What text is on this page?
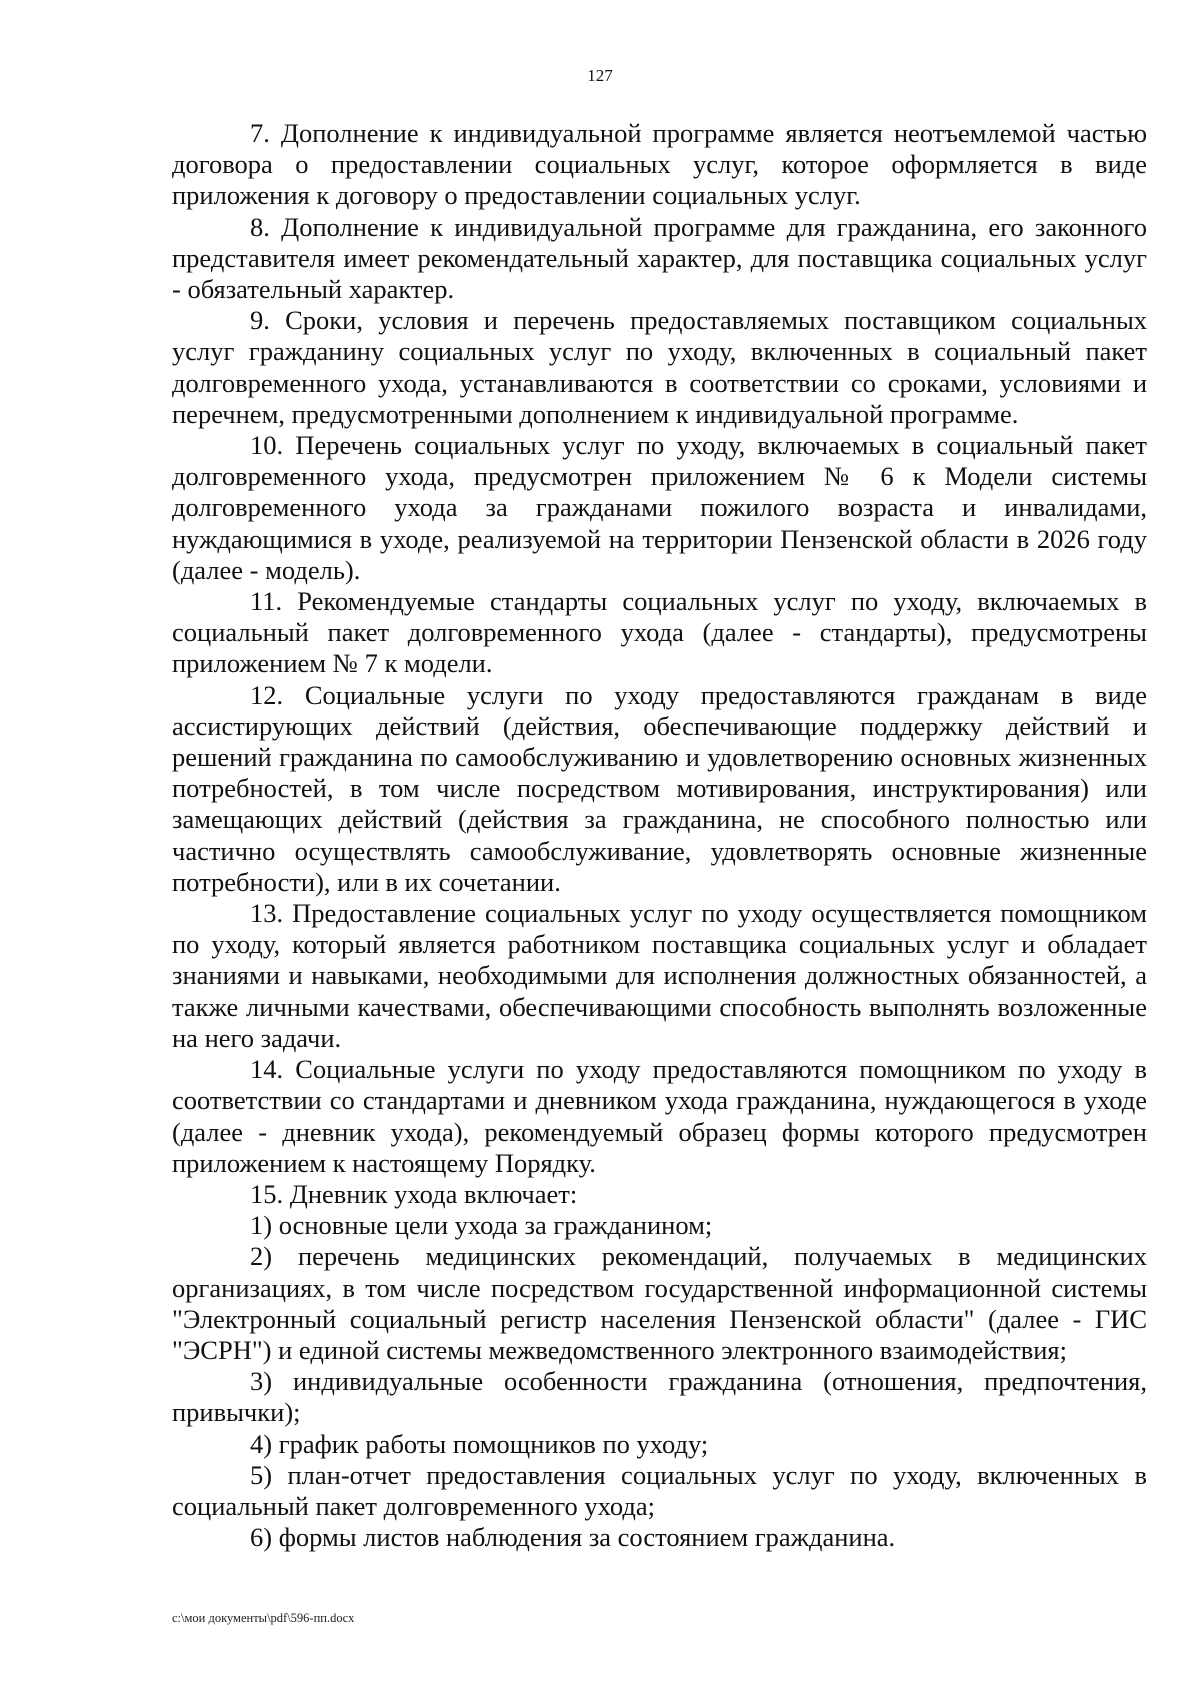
127

7. Дополнение к индивидуальной программе является неотъемлемой частью договора о предоставлении социальных услуг, которое оформляется в виде приложения к договору о предоставлении социальных услуг.

8. Дополнение к индивидуальной программе для гражданина, его законного представителя имеет рекомендательный характер, для поставщика социальных услуг - обязательный характер.

9. Сроки, условия и перечень предоставляемых поставщиком социальных услуг гражданину социальных услуг по уходу, включенных в социальный пакет долговременного ухода, устанавливаются в соответствии со сроками, условиями и перечнем, предусмотренными дополнением к индивидуальной программе.

10. Перечень социальных услуг по уходу, включаемых в социальный пакет долговременного ухода, предусмотрен приложением № 6 к Модели системы долговременного ухода за гражданами пожилого возраста и инвалидами, нуждающимися в уходе, реализуемой на территории Пензенской области в 2026 году (далее - модель).

11. Рекомендуемые стандарты социальных услуг по уходу, включаемых в социальный пакет долговременного ухода (далее - стандарты), предусмотрены приложением № 7 к модели.

12. Социальные услуги по уходу предоставляются гражданам в виде ассистирующих действий (действия, обеспечивающие поддержку действий и решений гражданина по самообслуживанию и удовлетворению основных жизненных потребностей, в том числе посредством мотивирования, инструктирования) или замещающих действий (действия за гражданина, не способного полностью или частично осуществлять самообслуживание, удовлетворять основные жизненные потребности), или в их сочетании.

13. Предоставление социальных услуг по уходу осуществляется помощником по уходу, который является работником поставщика социальных услуг и обладает знаниями и навыками, необходимыми для исполнения должностных обязанностей, а также личными качествами, обеспечивающими способность выполнять возложенные на него задачи.

14. Социальные услуги по уходу предоставляются помощником по уходу в соответствии со стандартами и дневником ухода гражданина, нуждающегося в уходе (далее - дневник ухода), рекомендуемый образец формы которого предусмотрен приложением к настоящему Порядку.

15. Дневник ухода включает:

1) основные цели ухода за гражданином;

2) перечень медицинских рекомендаций, получаемых в медицинских организациях, в том числе посредством государственной информационной системы "Электронный социальный регистр населения Пензенской области" (далее - ГИС "ЭСРН") и единой системы межведомственного электронного взаимодействия;

3) индивидуальные особенности гражданина (отношения, предпочтения, привычки);

4) график работы помощников по уходу;

5) план-отчет предоставления социальных услуг по уходу, включенных в социальный пакет долговременного ухода;

6) формы листов наблюдения за состоянием гражданина.

c:\мои документы\pdf\596-пп.docx
